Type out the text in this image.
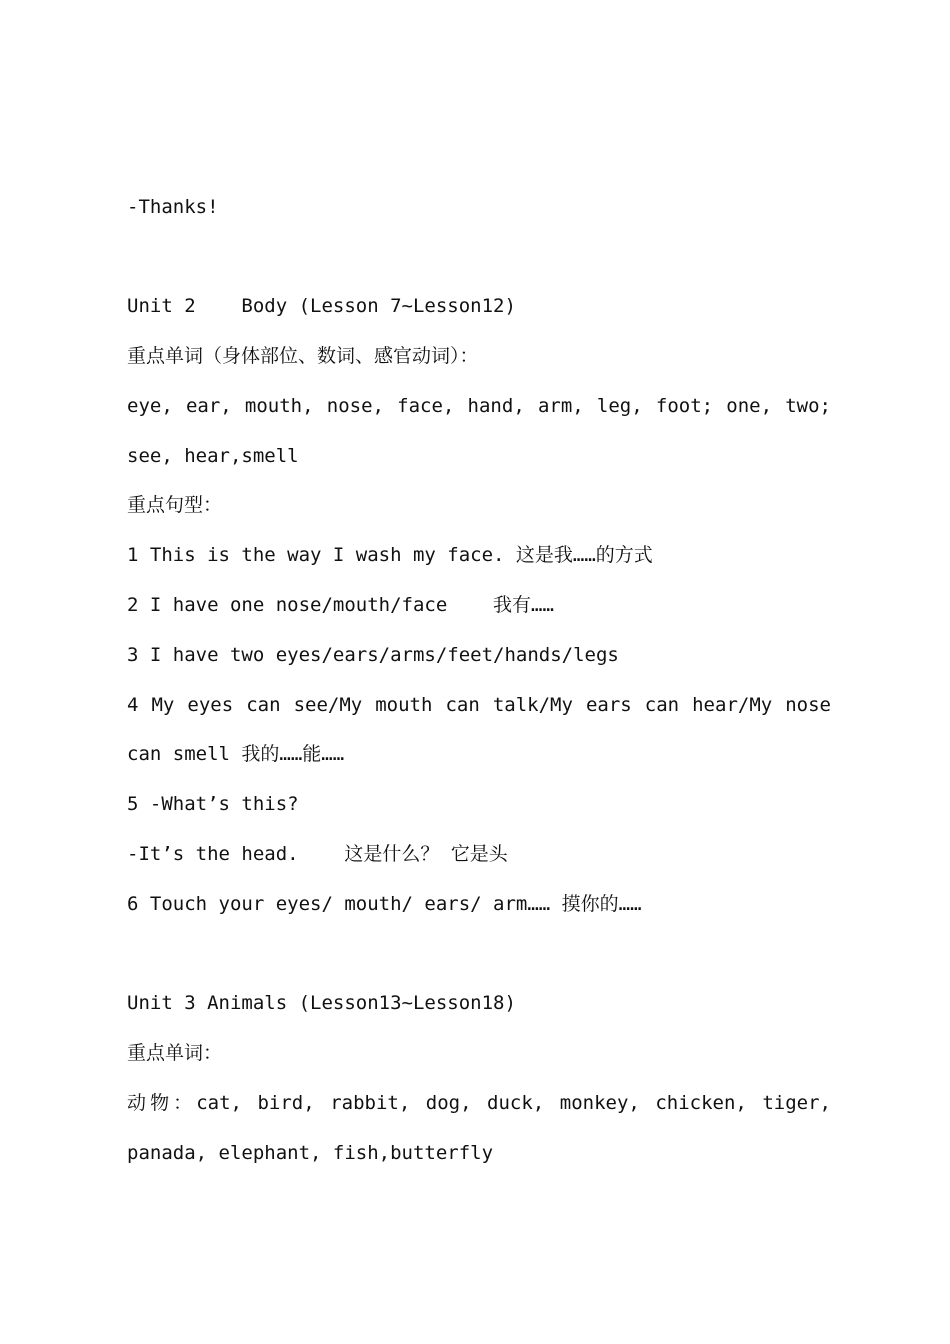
-Thanks!
Unit 2    Body (Lesson 7~Lesson12)
重点单词（身体部位、数词、感官动词）：
eye, ear, mouth, nose, face, hand, arm, leg, foot; one, two;
see, hear,smell
重点句型：
1 This is the way I wash my face. 这是我……的方式
2 I have one nose/mouth/face    我有……
3 I have two eyes/ears/arms/feet/hands/legs
4 My eyes can see/My mouth can talk/My ears can hear/My nose
can smell 我的……能……
5 -What’s this?
-It’s the head.    这是什么？ 它是头
6 Touch your eyes/ mouth/ ears/ arm…… 摸你的……
Unit 3 Animals (Lesson13~Lesson18)
重点单词：
动物：cat, bird, rabbit, dog, duck, monkey, chicken, tiger,
panada, elephant, fish,butterfly
